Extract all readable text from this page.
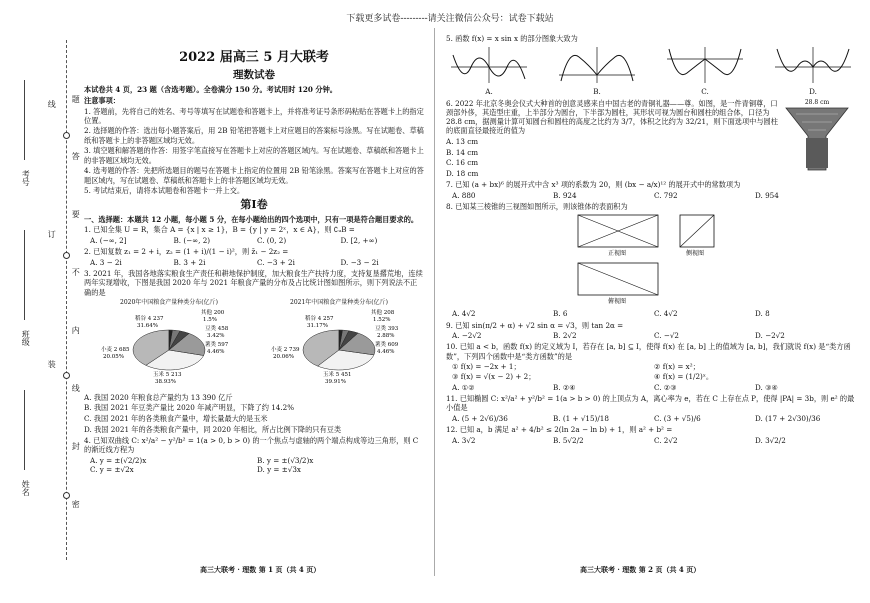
下载更多试卷---------请关注微信公众号：试卷下载站
姓名
班级
考号
题
答
要
不
内
线
封
密
线
订
装
2022 届高三 5 月大联考
理数试卷

本试卷共 4 页，23 题（含选考题）。全卷满分 150 分。考试用时 120 分钟。

注意事项：

1. 答题前，先将自己的姓名、考号等填写在试题卷和答题卡上，并将准考证号条形码粘贴在答题卡上的指定位置。

2. 选择题的作答：选出每小题答案后，用 2B 铅笔把答题卡上对应题目的答案标号涂黑。写在试题卷、草稿纸和答题卡上的非答题区域均无效。

3. 填空题和解答题的作答：用签字笔直接写在答题卡上对应的答题区域内。写在试题卷、草稿纸和答题卡上的非答题区域均无效。

4. 选考题的作答：先把所选题目的题号在答题卡上指定的位置用 2B 铅笔涂黑。答案写在答题卡上对应的答题区域内，写在试题卷、草稿纸和答题卡上的非答题区域均无效。

5. 考试结束后，请将本试题卷和答题卡一并上交。

第Ⅰ卷

一、选择题：本题共 12 小题，每小题 5 分，在每小题给出的四个选项中，只有一项是符合题目要求的。

1. 已知全集 U = R，集合 A = {x | x ≥ 1}，B = {y | y = 2ˣ，x ∈ A}，则 ∁ᵤB =

A. (−∞, 2]	B. (−∞, 2)	C. (0, 2)	D. [2, +∞)

2. 已知复数 z₁ = 2 + i，z₂ = (1 + i)/(1 − i)²，则 z̄₁ − 2z₂ =

A. 3 − 2i	B. 3 + 2i	C. −3 + 2i	D. −3 − 2i

3. 2021 年，我国各地落实粮食生产责任和耕地保护制度，加大粮食生产扶持力度，支持复垦撂荒地，连续两年实现增收，下图是我国 2020 年与 2021 年粮食产量的分布及占比统计图如图所示，则下列说法不正确的是

2020年中国粮食产量种类分布(亿斤)
稻谷 4 237
31.64%
小麦 2 685
20.05%
玉米 5 213
38.93%
其他 200
1.5%
豆类 458
3.42%
薯类 597
4.46%
2021年中国粮食产量种类分布(亿斤)
稻谷 4 257
31.17%
小麦 2 739
20.06%
玉米 5 451
39.91%
其他 208
1.52%
豆类 393
2.88%
薯类 609
4.46%

A. 我国 2020 年粮食总产量约为 13 390 亿斤

B. 我国 2021 年豆类产量比 2020 年减产明显，下降了约 14.2%

C. 我国 2021 年的各类粮食产量中，增长量最大的是玉米

D. 我国 2021 年的各类粮食产量中，同 2020 年相比，所占比例下降的只有豆类

4. 已知双曲线 C: x²/a² − y²/b² = 1(a > 0, b > 0) 的一个焦点与虚轴的两个端点构成等边三角形，则 C 的渐近线方程为

A. y = ±(√2/2)x	B. y = ±(√3/2)x
C. y = ±√2x	D. y = ±√3x
高三大联考 · 理数 第 1 页（共 4 页）

5. 函数 f(x) = x sin x 的部分图象大致为

A.	B.	C.	D.

6. 2022 年北京冬奥会仪式大种首的创意灵感来自中国古老的青铜礼器——尊。如图，是一件青铜尊，口颈部外侈，其造型庄重，上半部分为圆台，下半部为圆柱，其形状可视为圆台和圆柱的组合体，口径为 28.8 cm，据测量计算可知圆台和圆柱的高度之比约为 3/7，体积之比约为 32/21，则下面选项中与圆柱的底面直径最接近的值为

A. 13 cm

B. 14 cm

C. 16 cm

D. 18 cm

28.8 cm

7. 已知 (a + bx)⁶ 的展开式中含 x³ 项的系数为 20，则 (bx − a/x)¹² 的展开式中的常数项为

A. 880	B. 924	C. 792	D. 954

8. 已知某三棱锥的三视图如图所示，则该锥体的表面积为

正视图	侧视图
俯视图
A. 4√2	B. 6	C. 4√2	D. 8

9. 已知 sin(π/2 + α) + √2 sin α = √3，则 tan 2α =

A. −2√2	B. 2√2	C. −√2	D. −2√2

10. 已知 a < b，函数 f(x) 的定义域为 I，若存在 [a, b] ⊆ I，使得 f(x) 在 [a, b] 上的值域为 [a, b]，我们就说 f(x) 是“类方函数”，下列四个函数中是“类方函数”的是

① f(x) = −2x + 1；	② f(x) = x²；
③ f(x) = √(x − 2) + 2；	④ f(x) = (1/2)ˣ。
A. ①②	B. ②④	C. ②③	D. ③④

11. 已知椭圆 C: x²/a² + y²/b² = 1(a > b > 0) 的上顶点为 A，离心率为 e，若在 C 上存在点 P，使得 |PA| = 3b，则 e² 的最小值是

A. (5 + 2√6)/36	B. (1 + √15)/18	C. (3 + √5)/6	D. (17 + 2√30)/36

12. 已知 a，b 满足 a² + 4/b² ≤ 2(ln 2a − ln b) + 1，则 a² + b² =

A. 3√2	B. 5√2/2	C. 2√2	D. 3√2/2
高三大联考 · 理数 第 2 页（共 4 页）
